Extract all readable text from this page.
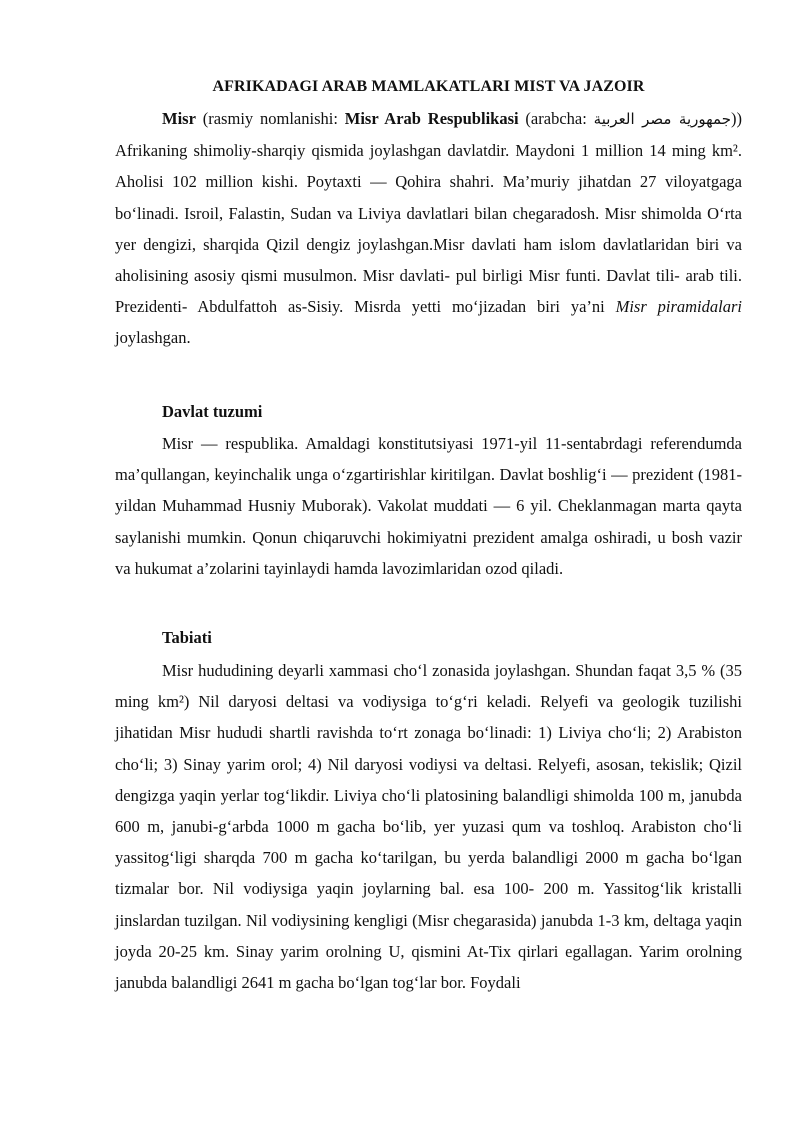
AFRIKADAGI ARAB MAMLAKATLARI MIST VA JAZOIR

Misr (rasmiy nomlanishi: Misr Arab Respublikasi (arabcha: جمهورية مصر العربية)) Afrikaning shimoliy-sharqiy qismida joylashgan davlatdir. Maydoni 1 million 14 ming km². Aholisi 102 million kishi. Poytaxti — Qohira shahri. Ma’muriy jihatdan 27 viloyatgaga bo‘linadi. Isroil, Falastin, Sudan va Liviya davlatlari bilan chegaradosh. Misr shimolda O‘rta yer dengizi, sharqida Qizil dengiz joylashgan.Misr davlati ham islom davlatlaridan biri va aholisining asosiy qismi musulmon. Misr davlati- pul birligi Misr funti. Davlat tili- arab tili. Prezidenti- Abdulfattoh as-Sisiy. Misrda yetti mo‘jizadan biri ya’ni Misr piramidalari joylashgan.

Davlat tuzumi

Misr — respublika. Amaldagi konstitutsiyasi 1971-yil 11-sentabrdagi referendumda ma’qullangan, keyinchalik unga o‘zgartirishlar kiritilgan. Davlat boshlig‘i — prezident (1981-yildan Muhammad Husniy Muborak). Vakolat muddati — 6 yil. Cheklanmagan marta qayta saylanishi mumkin. Qonun chiqaruvchi hokimiyatni prezident amalga oshiradi, u bosh vazir va hukumat a’zolarini tayinlaydi hamda lavozimlaridan ozod qiladi.

Tabiati

Misr hududining deyarli xammasi cho‘l zonasida joylashgan. Shundan faqat 3,5 % (35 ming km²) Nil daryosi deltasi va vodiysiga to‘g‘ri keladi. Relyefi va geologik tuzilishi jihatidan Misr hududi shartli ravishda to‘rt zonaga bo‘linadi: 1) Liviya cho‘li; 2) Arabiston cho‘li; 3) Sinay yarim orol; 4) Nil daryosi vodiysi va deltasi. Relyefi, asosan, tekislik; Qizil dengizga yaqin yerlar tog‘likdir. Liviya cho‘li platosining balandligi shimolda 100 m, janubda 600 m, janubi-g‘arbda 1000 m gacha bo‘lib, yer yuzasi qum va toshloq. Arabiston cho‘li yassitog‘ligi sharqda 700 m gacha ko‘tarilgan, bu yerda balandligi 2000 m gacha bo‘lgan tizmalar bor. Nil vodiysiga yaqin joylarning bal. esa 100- 200 m. Yassitog‘lik kristalli jinslardan tuzilgan. Nil vodiysining kengligi (Misr chegarasida) janubda 1-3 km, deltaga yaqin joyda 20-25 km. Sinay yarim orolning U, qismini At-Tix qirlari egallagan. Yarim orolning janubda balandligi 2641 m gacha bo‘lgan tog‘lar bor. Foydali
